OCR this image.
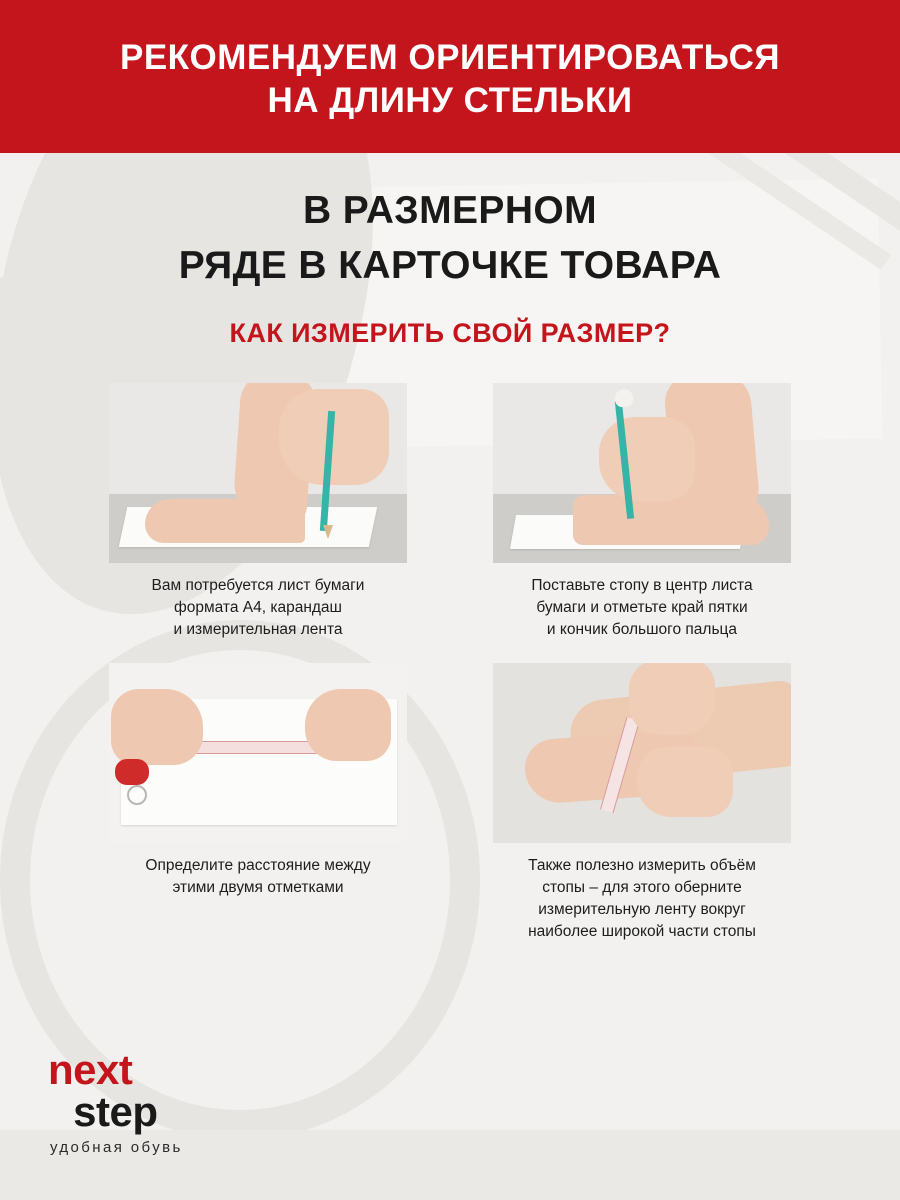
РЕКОМЕНДУЕМ ОРИЕНТИРОВАТЬСЯ
НА ДЛИНУ СТЕЛЬКИ
В РАЗМЕРНОМ
РЯДЕ В КАРТОЧКЕ ТОВАРА
КАК ИЗМЕРИТЬ СВОЙ РАЗМЕР?
Вам потребуется лист бумаги
формата А4, карандаш
и измерительная лента
Поставьте стопу в центр листа
бумаги и отметьте край пятки
и кончик большого пальца
Определите расстояние между
этими двумя отметками
Также полезно измерить объём
стопы – для этого оберните
измерительную ленту вокруг
наиболее широкой части стопы
next
step
удобная обувь
